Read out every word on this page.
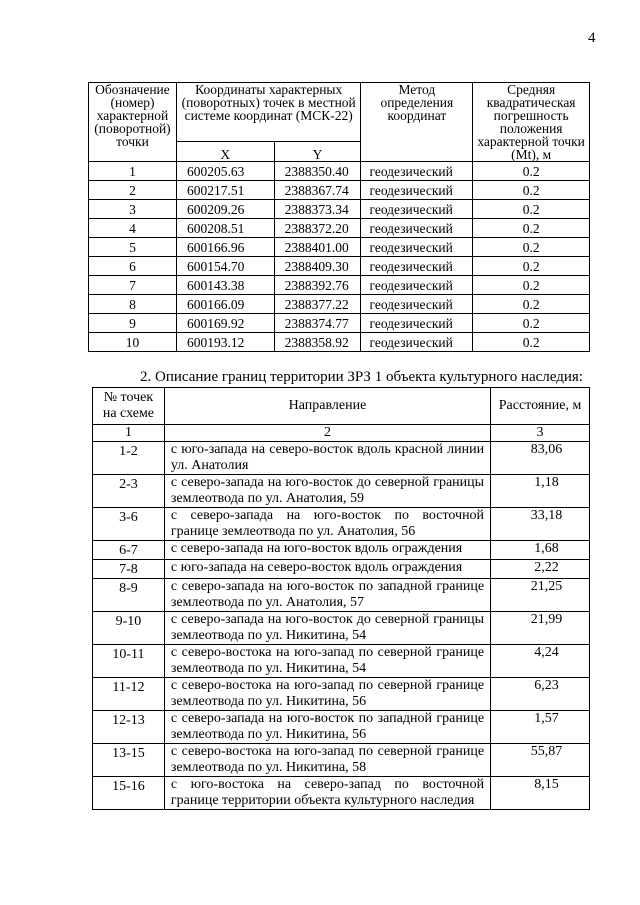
4
Обозначение (номер) характерной (поворотной) точки	Координаты характерных (поворотных) точек в местной системе координат (МСК-22)		Метод определения координат	Средняя квадратическая погрешность положения характерной точки (Mt), м
	X	Y		
1	600205.63	2388350.40	геодезический	0.2
2	600217.51	2388367.74	геодезический	0.2
3	600209.26	2388373.34	геодезический	0.2
4	600208.51	2388372.20	геодезический	0.2
5	600166.96	2388401.00	геодезический	0.2
6	600154.70	2388409.30	геодезический	0.2
7	600143.38	2388392.76	геодезический	0.2
8	600166.09	2388377.22	геодезический	0.2
9	600169.92	2388374.77	геодезический	0.2
10	600193.12	2388358.92	геодезический	0.2
2. Описание границ территории ЗРЗ 1 объекта культурного наследия:
№ точек на схеме	Направление	Расстояние, м
1	2	3
1-2	с юго-запада на северо-восток вдоль красной линии ул. Анатолия	83,06
2-3	с северо-запада на юго-восток до северной границы землеотвода по ул. Анатолия, 59	1,18
3-6	с северо-запада на юго-восток по восточной границе землеотвода по ул. Анатолия, 56	33,18
6-7	с северо-запада на юго-восток вдоль ограждения	1,68
7-8	с юго-запада на северо-восток вдоль ограждения	2,22
8-9	с северо-запада на юго-восток по западной границе землеотвода по ул. Анатолия, 57	21,25
9-10	с северо-запада на юго-восток до северной границы землеотвода по ул. Никитина, 54	21,99
10-11	с северо-востока на юго-запад по северной границе землеотвода по ул. Никитина, 54	4,24
11-12	с северо-востока на юго-запад по северной границе землеотвода по ул. Никитина, 56	6,23
12-13	с северо-запада на юго-восток по западной границе землеотвода по ул. Никитина, 56	1,57
13-15	с северо-востока на юго-запад по северной границе землеотвода по ул. Никитина, 58	55,87
15-16	с юго-востока на северо-запад по восточной границе территории объекта культурного наследия	8,15
